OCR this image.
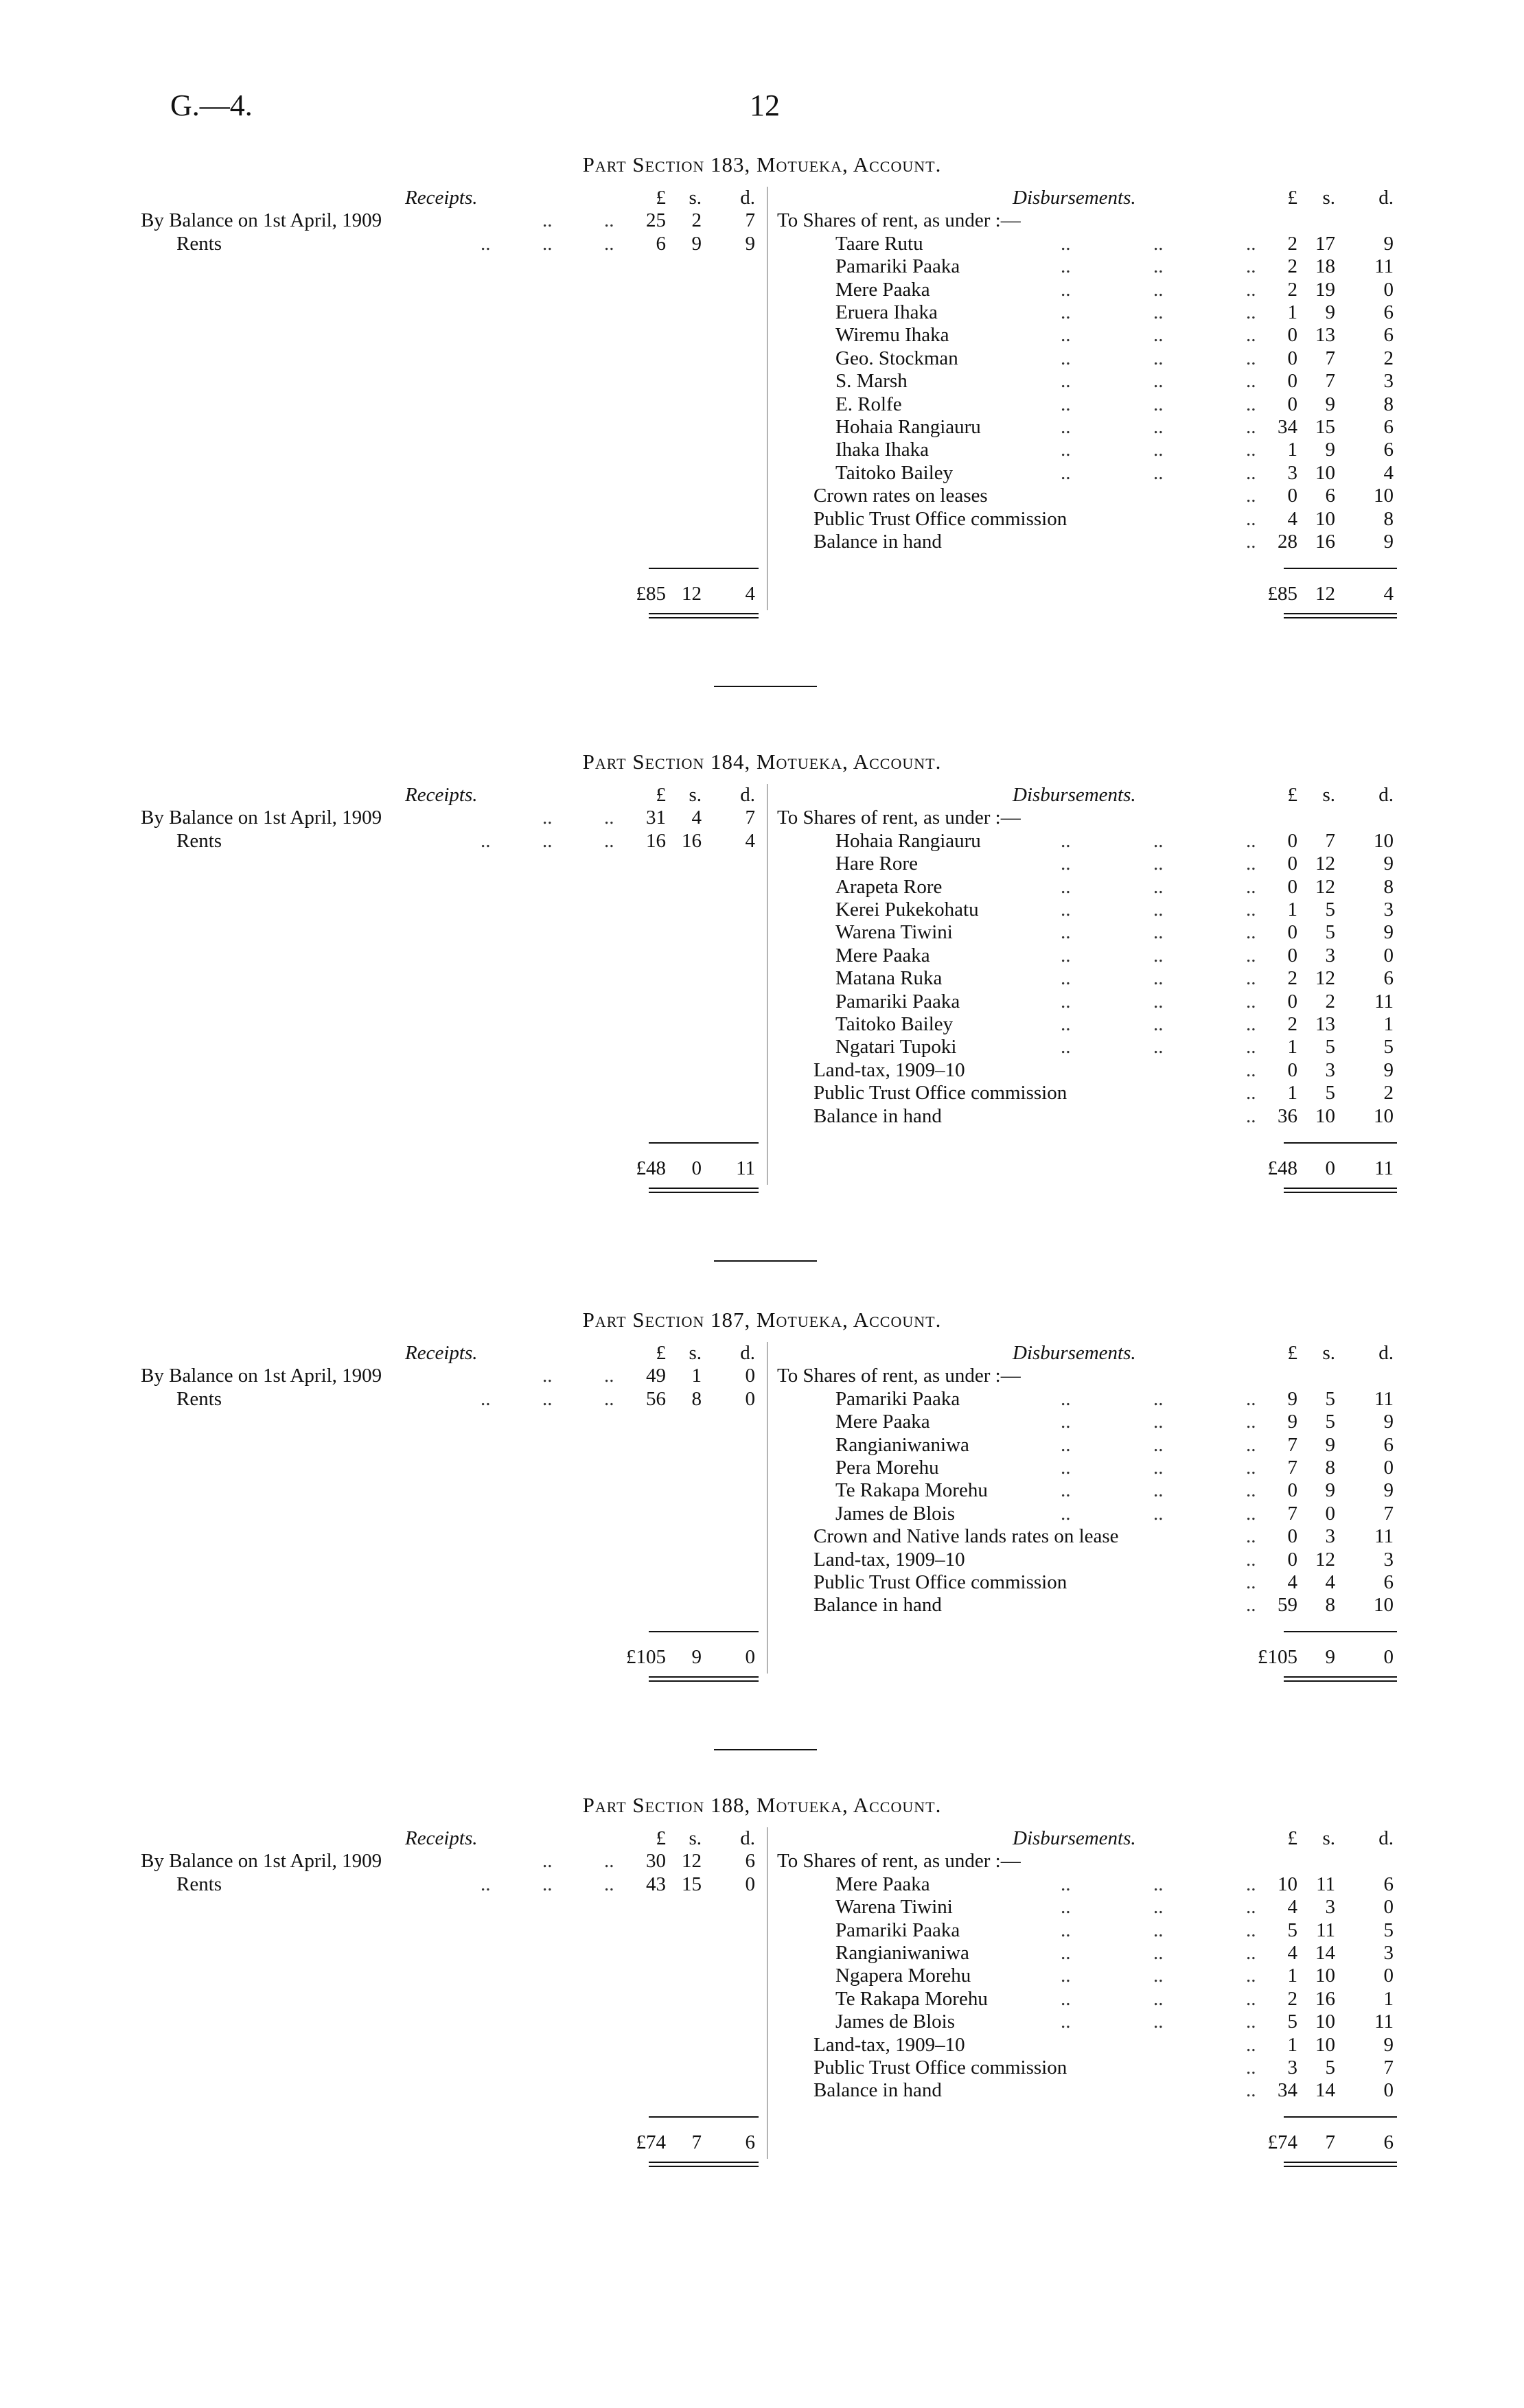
G.—4.	12
Part Section 183, Motueka, Account.
Receipts.	£	s.	d.	Disbursements.	£	s.	d.
By Balance on 1st April, 1909	..	..	25	2	7
Rents	..	..	..	6	9	9
To Shares of rent, as under :—
Taare Rutu	..	..	..	2 17	9
Pamariki Paaka	..	..	..	2 18	11
Mere Paaka	..	..	..	2 19	0
Eruera Ihaka	..	..	..	1	9	6
Wiremu Ihaka	..	..	..	0 13	6
Geo. Stockman	..	..	..	0	7	2
S. Marsh	..	..	..	0	7	3
E. Rolfe	..	..	..	0	9	8
Hohaia Rangiauru	..	..	..	34 15	6
Ihaka Ihaka	..	..	..	1	9	6
Taitoko Bailey	..	..	..	3 10	4
Crown rates on leases	..	0	6	10
Public Trust Office commission	..	4 10	8
Balance in hand	..	28 16	9
£85 12	4	£85 12	4
Part Section 184, Motueka, Account.
Receipts.	£	s.	d.	Disbursements.	£	s.	d.
By Balance on 1st April, 1909	..	..	31	4	7
Rents	..	..	..	16 16	4
To Shares of rent, as under :—
Hohaia Rangiauru	..	..	..	0	7	10
Hare Rore	..	..	..	0 12	9
Arapeta Rore	..	..	..	0 12	8
Kerei Pukekohatu	..	..	..	1	5	3
Warena Tiwini	..	..	..	0	5	9
Mere Paaka	..	..	..	0	3	0
Matana Ruka	..	..	..	2 12	6
Pamariki Paaka	..	..	..	0	2	11
Taitoko Bailey	..	..	..	2 13	1
Ngatari Tupoki	..	..	..	1	5	5
Land-tax, 1909–10	..	0	3	9
Public Trust Office commission	..	1	5	2
Balance in hand	..	36 10	10
£48	0	11	£48	0	11
Part Section 187, Motueka, Account.
Receipts.	£	s.	d.	Disbursements.	£	s.	d.
By Balance on 1st April, 1909	..	..	49	1	0
Rents	..	..	..	56	8	0
To Shares of rent, as under :—
Pamariki Paaka	..	..	..	9	5	11
Mere Paaka	..	..	..	9	5	9
Rangianiwaniwa	..	..	..	7	9	6
Pera Morehu	..	..	..	7	8	0
Te Rakapa Morehu	..	..	..	0	9	9
James de Blois	..	..	..	7	0	7
Crown and Native lands rates on lease	..	0	3	11
Land-tax, 1909–10	..	0 12	3
Public Trust Office commission	..	4	4	6
Balance in hand	..	59	8	10
£105	9	0	£105	9	0
Part Section 188, Motueka, Account.
Receipts.	£	s.	d.	Disbursements.	£	s.	d.
By Balance on 1st April, 1909	..	..	30 12	6
Rents	..	..	..	43 15	0
To Shares of rent, as under :—
Mere Paaka	..	..	..	10 11	6
Warena Tiwini	..	..	..	4	3	0
Pamariki Paaka	..	..	..	5 11	5
Rangianiwaniwa	..	..	..	4 14	3
Ngapera Morehu	..	..	..	1 10	0
Te Rakapa Morehu	..	..	..	2 16	1
James de Blois	..	..	..	5 10	11
Land-tax, 1909–10	..	1 10	9
Public Trust Office commission	..	3	5	7
Balance in hand	..	34 14	0
£74	7	6	£74	7	6
